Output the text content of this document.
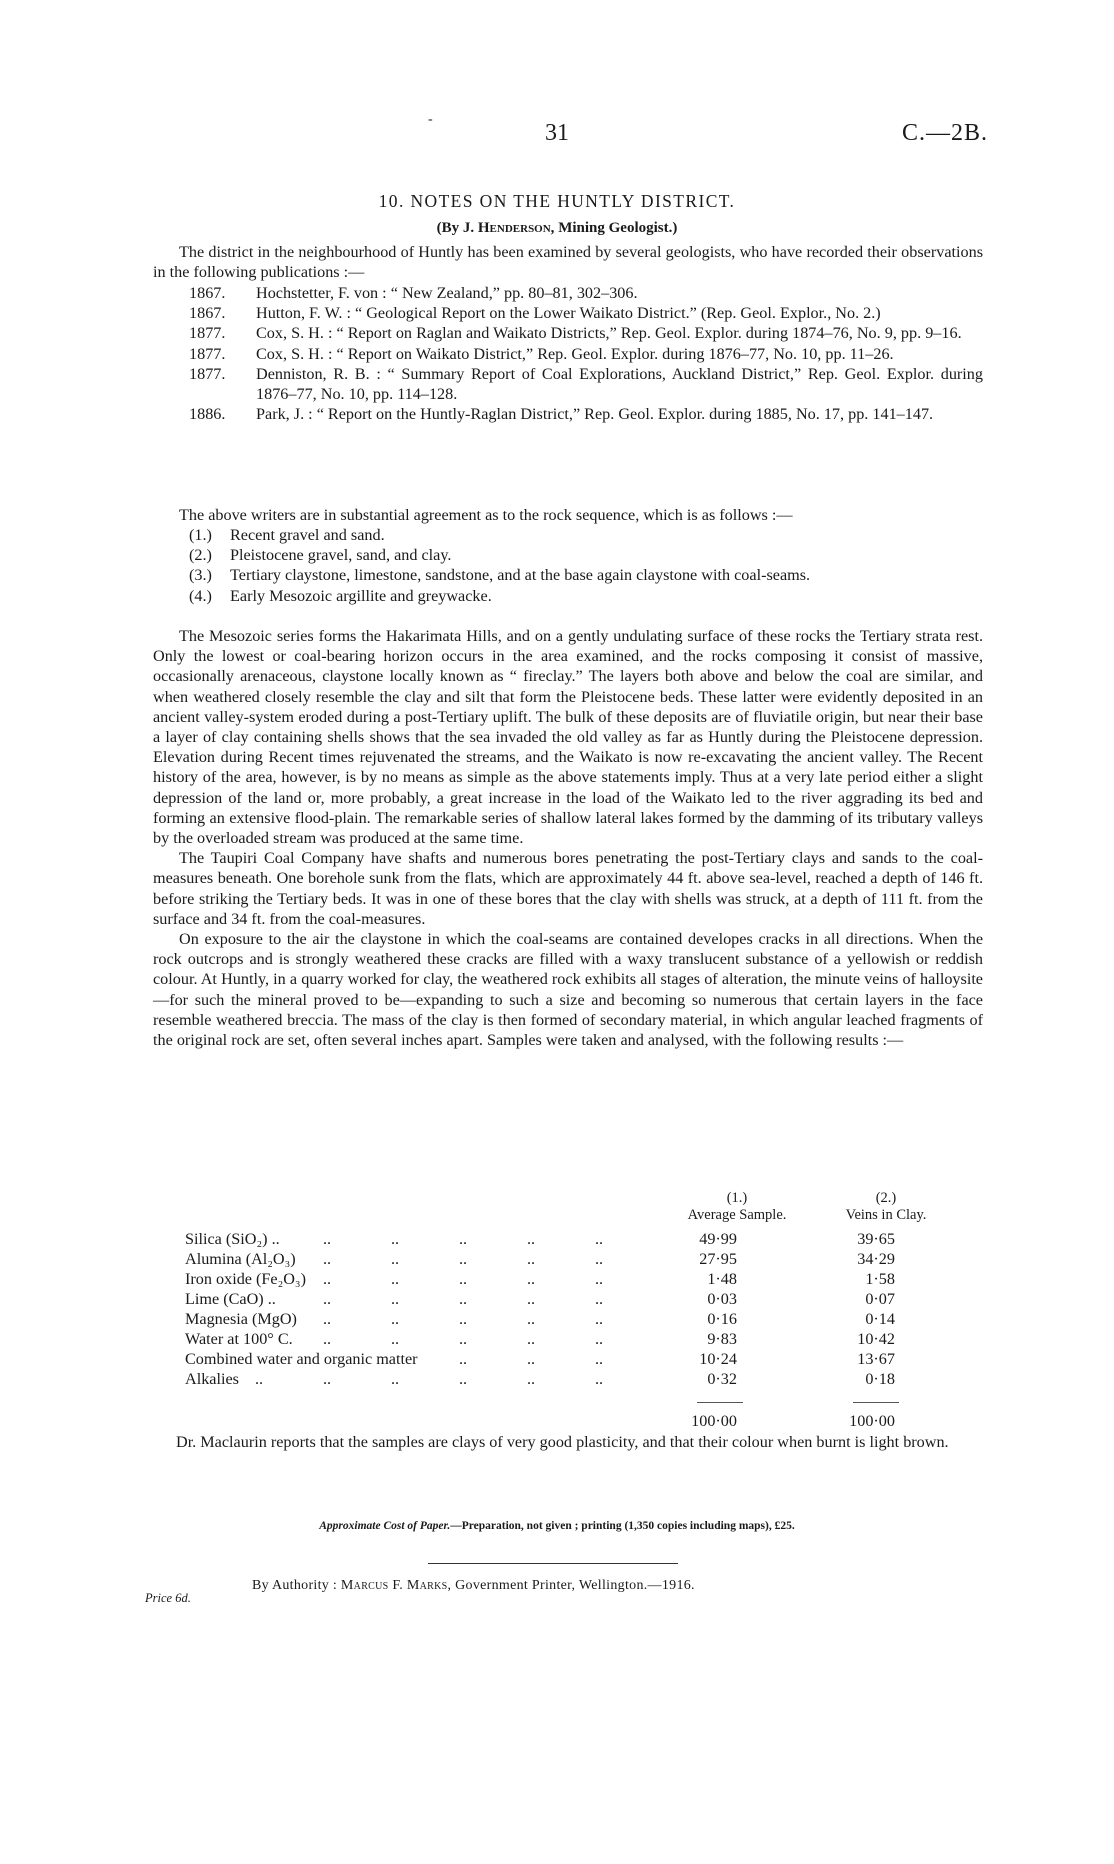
-
31	C.—2B.
10. NOTES ON THE HUNTLY DISTRICT.
(By J. Henderson, Mining Geologist.)

The district in the neighbourhood of Huntly has been examined by several geologists, who have recorded their observations in the following publications :—

1867. Hochstetter, F. von : “ New Zealand,” pp. 80–81, 302–306.
1867. Hutton, F. W. : “ Geological Report on the Lower Waikato District.” (Rep. Geol. Explor., No. 2.)
1877. Cox, S. H. : “ Report on Raglan and Waikato Districts,” Rep. Geol. Explor. during 1874–76, No. 9, pp. 9–16.
1877. Cox, S. H. : “ Report on Waikato District,” Rep. Geol. Explor. during 1876–77, No. 10, pp. 11–26.
1877. Denniston, R. B. : “ Summary Report of Coal Explorations, Auckland District,” Rep. Geol. Explor. during 1876–77, No. 10, pp. 114–128.
1886. Park, J. : “ Report on the Huntly-Raglan District,” Rep. Geol. Explor. during 1885, No. 17, pp. 141–147.

The above writers are in substantial agreement as to the rock sequence, which is as follows :—

(1.) Recent gravel and sand.
(2.) Pleistocene gravel, sand, and clay.
(3.) Tertiary claystone, limestone, sandstone, and at the base again claystone with coal-seams.
(4.) Early Mesozoic argillite and greywacke.

The Mesozoic series forms the Hakarimata Hills, and on a gently undulating surface of these rocks the Tertiary strata rest. Only the lowest or coal-bearing horizon occurs in the area examined, and the rocks composing it consist of massive, occasionally arenaceous, claystone locally known as “ fireclay.” The layers both above and below the coal are similar, and when weathered closely resemble the clay and silt that form the Pleistocene beds. These latter were evidently deposited in an ancient valley-system eroded during a post-Tertiary uplift. The bulk of these deposits are of fluviatile origin, but near their base a layer of clay containing shells shows that the sea invaded the old valley as far as Huntly during the Pleistocene depression. Elevation during Recent times rejuvenated the streams, and the Waikato is now re-excavating the ancient valley. The Recent history of the area, however, is by no means as simple as the above statements imply. Thus at a very late period either a slight depression of the land or, more probably, a great increase in the load of the Waikato led to the river aggrading its bed and forming an extensive flood-plain. The remarkable series of shallow lateral lakes formed by the damming of its tributary valleys by the overloaded stream was produced at the same time.

The Taupiri Coal Company have shafts and numerous bores penetrating the post-Tertiary clays and sands to the coal-measures beneath. One borehole sunk from the flats, which are approximately 44 ft. above sea-level, reached a depth of 146 ft. before striking the Tertiary beds. It was in one of these bores that the clay with shells was struck, at a depth of 111 ft. from the surface and 34 ft. from the coal-measures.

On exposure to the air the claystone in which the coal-seams are contained developes cracks in all directions. When the rock outcrops and is strongly weathered these cracks are filled with a waxy translucent substance of a yellowish or reddish colour. At Huntly, in a quarry worked for clay, the weathered rock exhibits all stages of alteration, the minute veins of halloysite—for such the mineral proved to be—expanding to such a size and becoming so numerous that certain layers in the face resemble weathered breccia. The mass of the clay is then formed of secondary material, in which angular leached fragments of the original rock are set, often several inches apart. Samples were taken and analysed, with the following results :—

(1.)
Average Sample.
(2.)
Veins in Clay.
Silica (SiO₂) ..	49·99	39·65
..	..	..	..	..
Alumina (Al₂O₃)	27·95	34·29
..	..	..	..	..
Iron oxide (Fe₂O₃)	1·48	1·58
..	..	..	..	..
Lime (CaO) ..	0·03	0·07
..	..	..	..	..
Magnesia (MgO)	0·16	0·14
..	..	..	..	..
Water at 100° C.	9·83	10·42
..	..	..	..	..
Combined water and organic matter	10·24	13·67
..	..	..
Alkalies	0·32	0·18
..	..	..	..	..	..
100·00	100·00

Dr. Maclaurin reports that the samples are clays of very good plasticity, and that their colour when burnt is light brown.

Approximate Cost of Paper.—Preparation, not given ; printing (1,350 copies including maps), £25.
By Authority : Marcus F. Marks, Government Printer, Wellington.—1916.
Price 6d.
